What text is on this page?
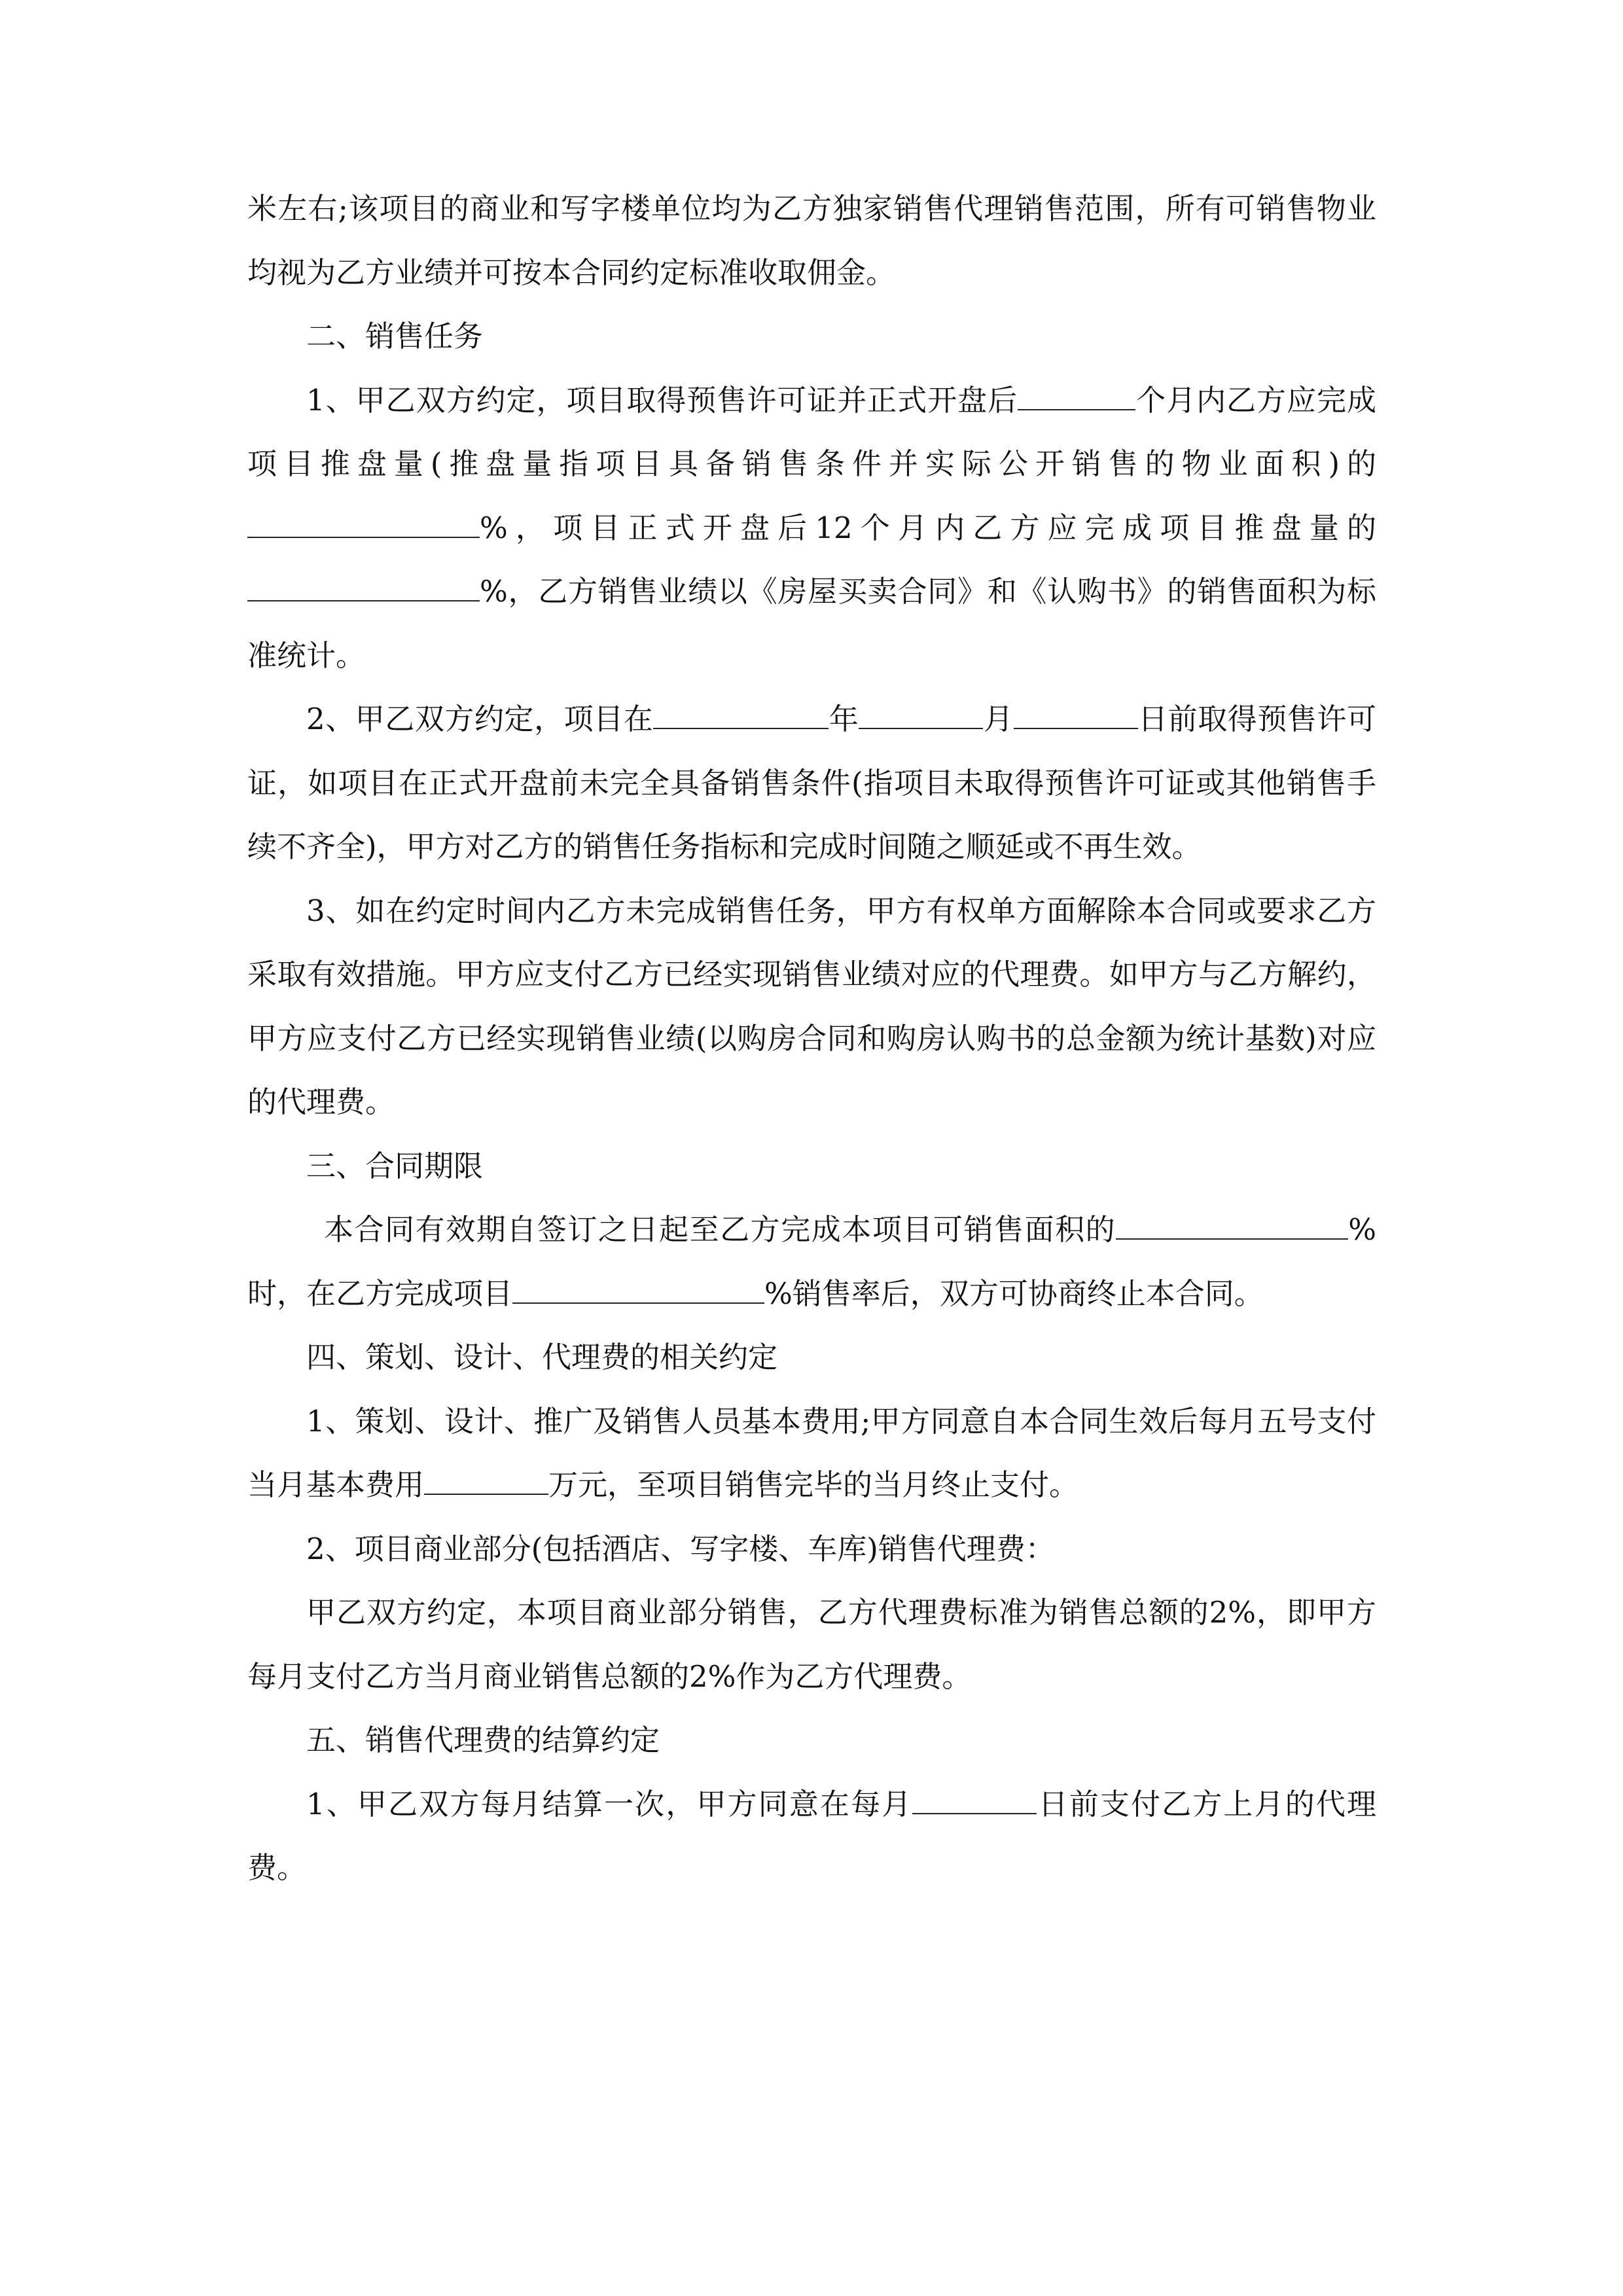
米左右;该项目的商业和写字楼单位均为乙方独家销售代理销售范围，所有可销售物业均视为乙方业绩并可按本合同约定标准收取佣金。

二、销售任务

1、甲乙双方约定，项目取得预售许可证并正式开盘后	个月内乙方应完成项目推盘量(推盘量指项目具备销售条件并实际公开销售的物业面积)的%，项目正式开盘后12个月内乙方应完成项目推盘量的%，乙方销售业绩以《房屋买卖合同》和《认购书》的销售面积为标准统计。

2、甲乙双方约定，项目在	年	月	日前取得预售许可证，如项目在正式开盘前未完全具备销售条件(指项目未取得预售许可证或其他销售手续不齐全)，甲方对乙方的销售任务指标和完成时间随之顺延或不再生效。

3、如在约定时间内乙方未完成销售任务，甲方有权单方面解除本合同或要求乙方采取有效措施。甲方应支付乙方已经实现销售业绩对应的代理费。如甲方与乙方解约，甲方应支付乙方已经实现销售业绩(以购房合同和购房认购书的总金额为统计基数)对应的代理费。

三、合同期限

本合同有效期自签订之日起至乙方完成本项目可销售面积的	%时，在乙方完成项目	%销售率后，双方可协商终止本合同。

四、策划、设计、代理费的相关约定

1、策划、设计、推广及销售人员基本费用;甲方同意自本合同生效后每月五号支付当月基本费用	万元，至项目销售完毕的当月终止支付。

2、项目商业部分(包括酒店、写字楼、车库)销售代理费：

甲乙双方约定，本项目商业部分销售，乙方代理费标准为销售总额的2%，即甲方每月支付乙方当月商业销售总额的2%作为乙方代理费。

五、销售代理费的结算约定

1、甲乙双方每月结算一次，甲方同意在每月	日前支付乙方上月的代理费。
